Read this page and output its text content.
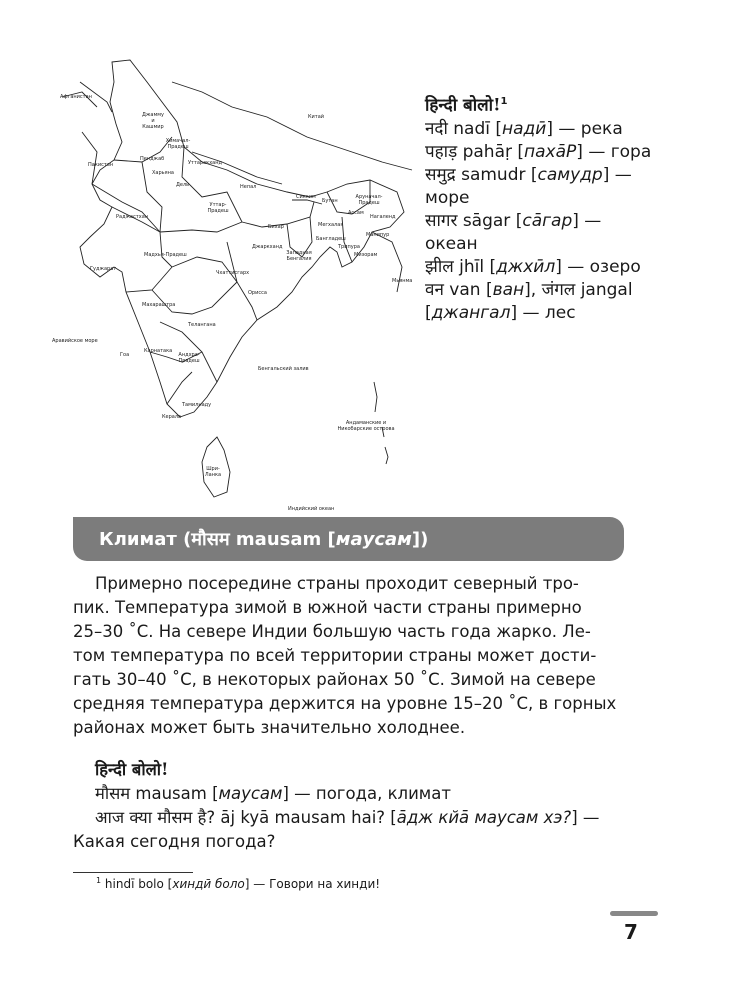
Афганистан
Джамму и Кашмир
Химачал-Прадеш
Пенджаб
Пакистан	Уттаракханд
Харьяна
Дели
Китай
Раджастхан
Уттар-Прадеш
Непал
Сикким
Бутан
Аруначал-Прадеш
Ассам
Мегхалая
Нагаленд
Бихар
Бангладеш
Манипур
Трипура
Мизорам
Гуджарат
Мадхья-Прадеш
Джаркханд
Западная Бенгалия
Мьянма
Чхаттисгарх
Орисса
Махараштра
Телангана
Аравийское море
Гоа
Карнатака
Андхра-Прадеш
Бенгальский залив
Тамилнаду
Керала
Андаманские и Никобарские острова
Шри-Ланка
Индийский океан
हिन्दी बोलो!$^1$
नदी nadī [надӣ] — река
पहाड़ pahāṛ [пахāР] — гора
समुद्र samudr [самудр] —
море
सागर sāgar [сāгар] —
океан
झील jhīl [джхӣл] — озеро
वन van [ван], जंगल jangal
[джангал] — лес
Климат (मौसम mausam [маусам])
Примерно посередине страны проходит северный тро-
пик. Температура зимой в южной части страны примерно
25–30 ˚С. На севере Индии большую часть года жарко. Ле-
том температура по всей территории страны может дости-
гать 30–40 ˚С, в некоторых районах 50 ˚С. Зимой на севере
средняя температура держится на уровне 15–20 ˚С, в горных
районах может быть значительно холоднее.
हिन्दी बोलो!
मौसम mausam [маусам] — погода, климат
आज क्या मौसम है? āj kyā mausam hai? [āдж кйā маусам хэ?] —
Какая сегодня погода?
$^1$ hindī bolo [хиндӣ боло] — Говори на хинди!
7
